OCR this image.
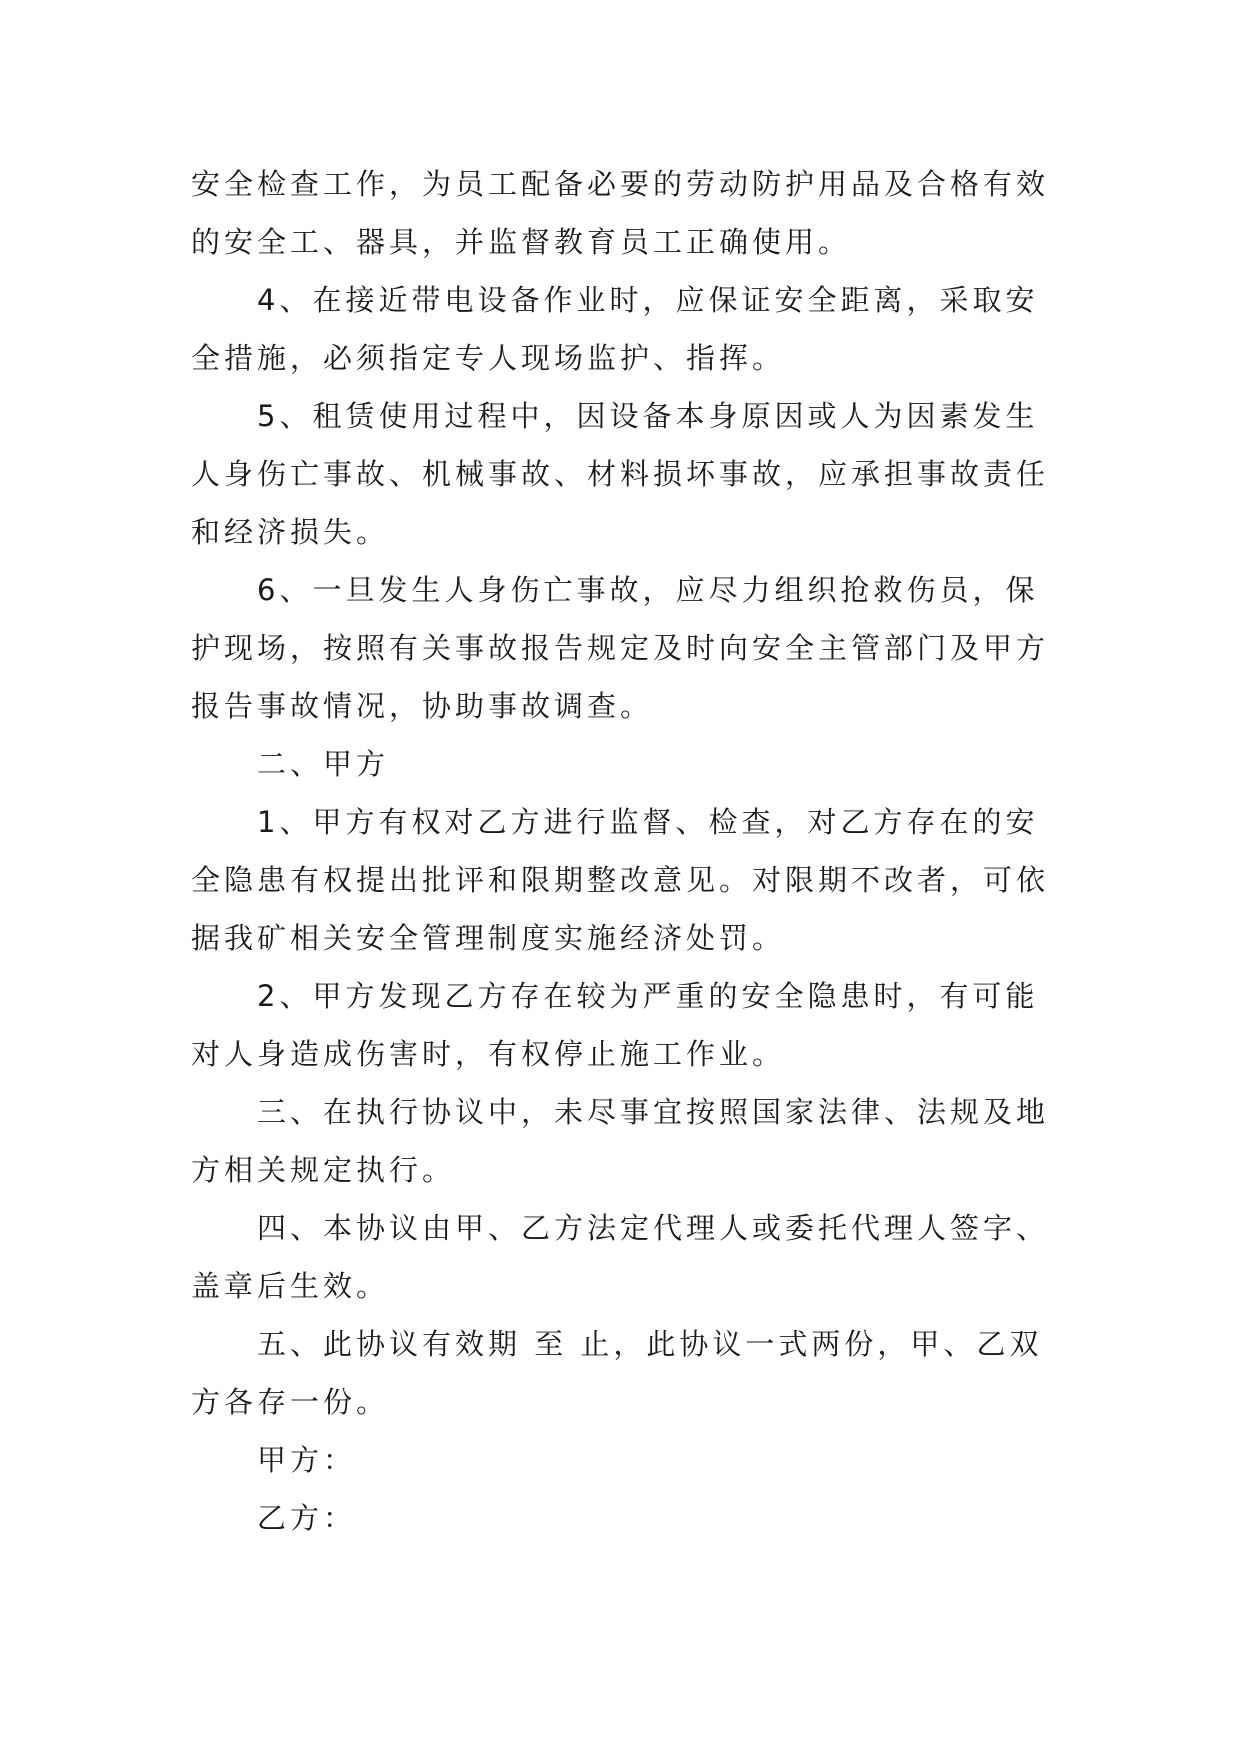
安全检查工作，为员工配备必要的劳动防护用品及合格有效
的安全工、器具，并监督教育员工正确使用。
4、在接近带电设备作业时，应保证安全距离，采取安
全措施，必须指定专人现场监护、指挥。
5、租赁使用过程中，因设备本身原因或人为因素发生
人身伤亡事故、机械事故、材料损坏事故，应承担事故责任
和经济损失。
6、一旦发生人身伤亡事故，应尽力组织抢救伤员，保
护现场，按照有关事故报告规定及时向安全主管部门及甲方
报告事故情况，协助事故调查。
二、甲方
1、甲方有权对乙方进行监督、检查，对乙方存在的安
全隐患有权提出批评和限期整改意见。对限期不改者，可依
据我矿相关安全管理制度实施经济处罚。
2、甲方发现乙方存在较为严重的安全隐患时，有可能
对人身造成伤害时，有权停止施工作业。
三、在执行协议中，未尽事宜按照国家法律、法规及地
方相关规定执行。
四、本协议由甲、乙方法定代理人或委托代理人签字、
盖章后生效。
五、此协议有效期 至 止，此协议一式两份，甲、乙双
方各存一份。
甲方：
乙方：
